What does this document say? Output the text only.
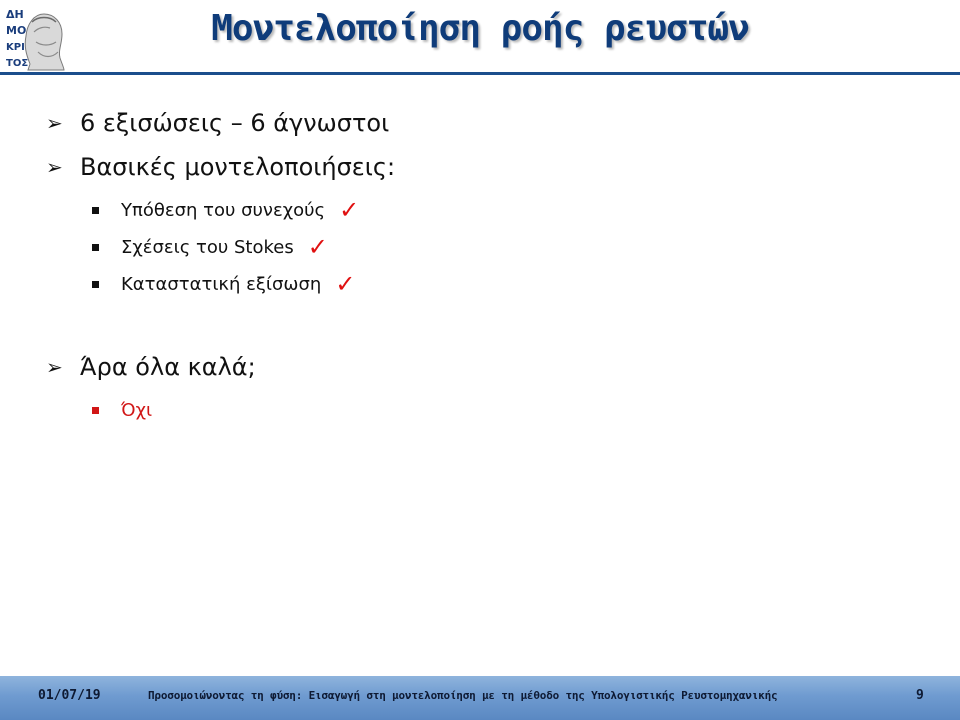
ΔΗ
ΜΟ
ΚΡΙ
ΤΟΣ
Μοντελοποίηση ροής ρευστών
➢ 6 εξισώσεις – 6 άγνωστοι
➢ Βασικές μοντελοποιήσεις:
Υπόθεση του συνεχούς ✓
Σχέσεις του Stokes ✓
Καταστατική εξίσωση ✓
➢ Άρα όλα καλά;
Όχι
01/07/19	Προσομοιώνοντας τη φύση: Εισαγωγή στη μοντελοποίηση με τη μέθοδο της Υπολογιστικής Ρευστομηχανικής	9
